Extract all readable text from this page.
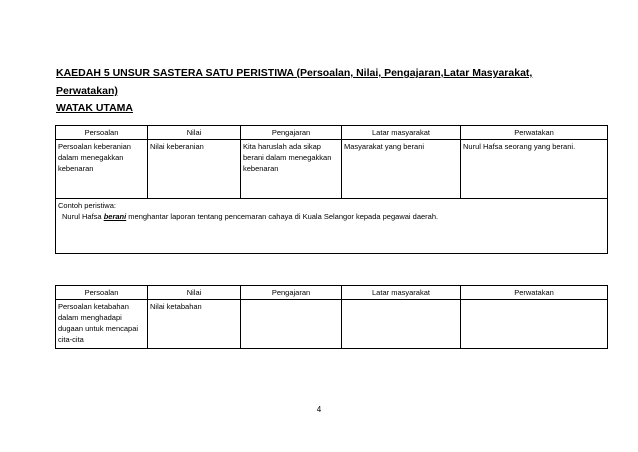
KAEDAH 5 UNSUR SASTERA SATU PERISTIWA (Persoalan, Nilai, Pengajaran,Latar Masyarakat,
Perwatakan)
WATAK UTAMA
Persoalan	Nilai	Pengajaran	Latar masyarakat	Perwatakan
Persoalan keberanian dalam menegakkan kebenaran	Nilai keberanian	Kita haruslah ada sikap berani dalam menegakkan kebenaran	Masyarakat yang berani	Nurul Hafsa seorang yang berani.

Contoh peristiwa:
Nurul Hafsa berani menghantar laporan tentang pencemaran cahaya di Kuala Selangor kepada pegawai daerah.				
Persoalan	Nilai	Pengajaran	Latar masyarakat	Perwatakan
Persoalan ketabahan dalam menghadapi dugaan untuk mencapai cita-cita	Nilai ketabahan			
4
